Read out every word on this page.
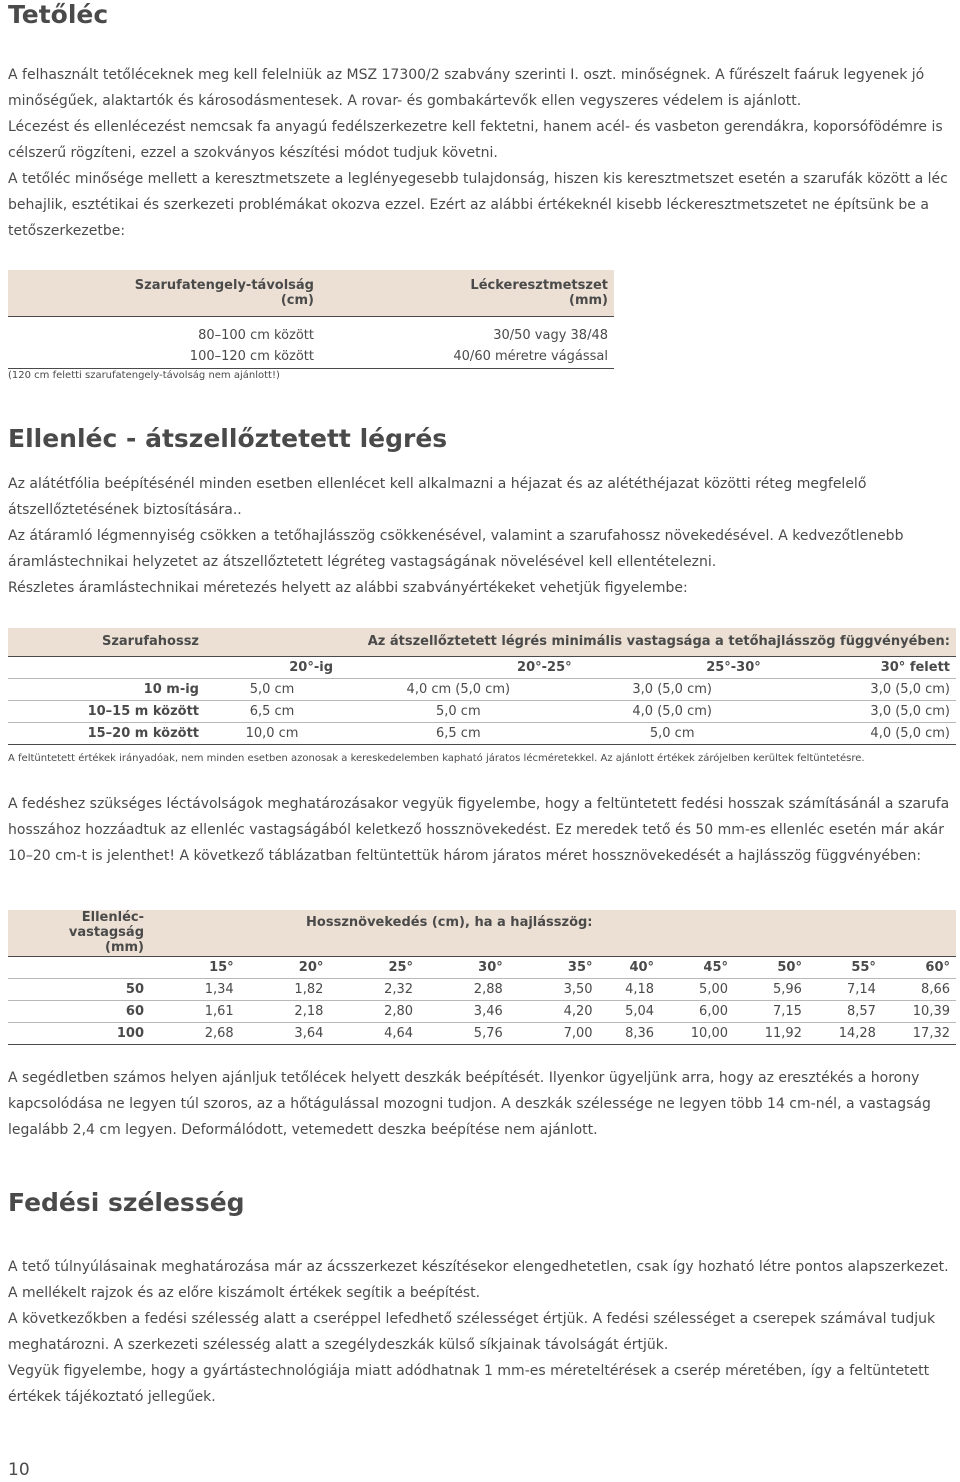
Tetőléc

A felhasznált tetőléceknek meg kell felelniük az MSZ 17300/2 szabvány szerinti I. oszt. minőségnek. A fűrészelt faáruk legyenek jó minőségűek, alaktartók és károsodásmentesek. A rovar- és gombakártevők ellen vegyszeres védelem is ajánlott.

Lécezést és ellenlécezést nemcsak fa anyagú fedélszerkezetre kell fektetni, hanem acél- és vasbeton gerendákra, koporsófödémre is célszerű rögzíteni, ezzel a szokványos készítési módot tudjuk követni.

A tetőléc minősége mellett a keresztmetszete a leglényegesebb tulajdonság, hiszen kis keresztmetszet esetén a szarufák között a léc behajlik, esztétikai és szerkezeti problémákat okozva ezzel. Ezért az alábbi értékeknél kisebb léckeresztmetszetet ne építsünk be a tetőszerkezetbe:

Szarufatengely-távolság
(cm)	Léckeresztmetszet
(mm)

80–100 cm között	30/50 vagy 38/48
100–120 cm között	40/60 méretre vágással

(120 cm feletti szarufatengely-távolság nem ajánlott!)

Ellenléc - átszellőztetett légrés

Az alátétfólia beépítésénél minden esetben ellenlécet kell alkalmazni a héjazat és az alététhéjazat közötti réteg megfelelő átszellőztetésének biztosítására..

Az átáramló légmennyiség csökken a tetőhajlásszög csökkenésével, valamint a szarufahossz növekedésével. A kedvezőtlenebb áramlástechnikai helyzetet az átszellőztetett légréteg vastagságának növelésével kell ellentételezni.

Részletes áramlástechnikai méretezés helyett az alábbi szabványértékeket vehetjük figyelembe:

Szarufahossz	Az átszellőztetett légrés minimális vastagsága a tetőhajlásszög függvényében:			
	20°-ig	20°-25°	25°-30°	30° felett
10 m-ig	5,0 cm	4,0 cm (5,0 cm)	3,0 (5,0 cm)	3,0 (5,0 cm)
10–15 m között	6,5 cm	5,0 cm	4,0 (5,0 cm)	3,0 (5,0 cm)
15–20 m között	10,0 cm	6,5 cm	5,0 cm	4,0 (5,0 cm)

A feltüntetett értékek irányadóak, nem minden esetben azonosak a kereskedelemben kapható járatos lécméretekkel. Az ajánlott értékek zárójelben kerültek feltüntetésre.

A fedéshez szükséges léctávolságok meghatározásakor vegyük figyelembe, hogy a feltüntetett fedési hosszak számításánál a szarufa hosszához hozzáadtuk az ellenléc vastagságából keletkező hossznövekedést. Ez meredek tető és 50 mm-es ellenléc esetén már akár 10–20 cm-t is jelenthet! A következő táblázatban feltüntettük három járatos méret hossznövekedését a hajlásszög függvényében:

Ellenléc-vastagság
(mm)	Hossznövekedés (cm), ha a hajlásszög:									
	15°	20°	25°	30°	35°	40°	45°	50°	55°	60°
50	1,34	1,82	2,32	2,88	3,50	4,18	5,00	5,96	7,14	8,66
60	1,61	2,18	2,80	3,46	4,20	5,04	6,00	7,15	8,57	10,39
100	2,68	3,64	4,64	5,76	7,00	8,36	10,00	11,92	14,28	17,32

A segédletben számos helyen ajánljuk tetőlécek helyett deszkák beépítését. Ilyenkor ügyeljünk arra, hogy az eresztékés a horony kapcsolódása ne legyen túl szoros, az a hőtágulással mozogni tudjon. A deszkák szélessége ne legyen több 14 cm-nél, a vastagság legalább 2,4 cm legyen. Deformálódott, vetemedett deszka beépítése nem ajánlott.

Fedési szélesség

A tető túlnyúlásainak meghatározása már az ácsszerkezet készítésekor elengedhetetlen, csak így hozható létre pontos alapszerkezet. A mellékelt rajzok és az előre kiszámolt értékek segítik a beépítést.

A következőkben a fedési szélesség alatt a cseréppel lefedhető szélességet értjük. A fedési szélességet a cserepek számával tudjuk meghatározni. A szerkezeti szélesség alatt a szegélydeszkák külső síkjainak távolságát értjük.

Vegyük figyelembe, hogy a gyártástechnológiája miatt adódhatnak 1 mm-es méreteltérések a cserép méretében, így a feltüntetett értékek tájékoztató jellegűek.

10
